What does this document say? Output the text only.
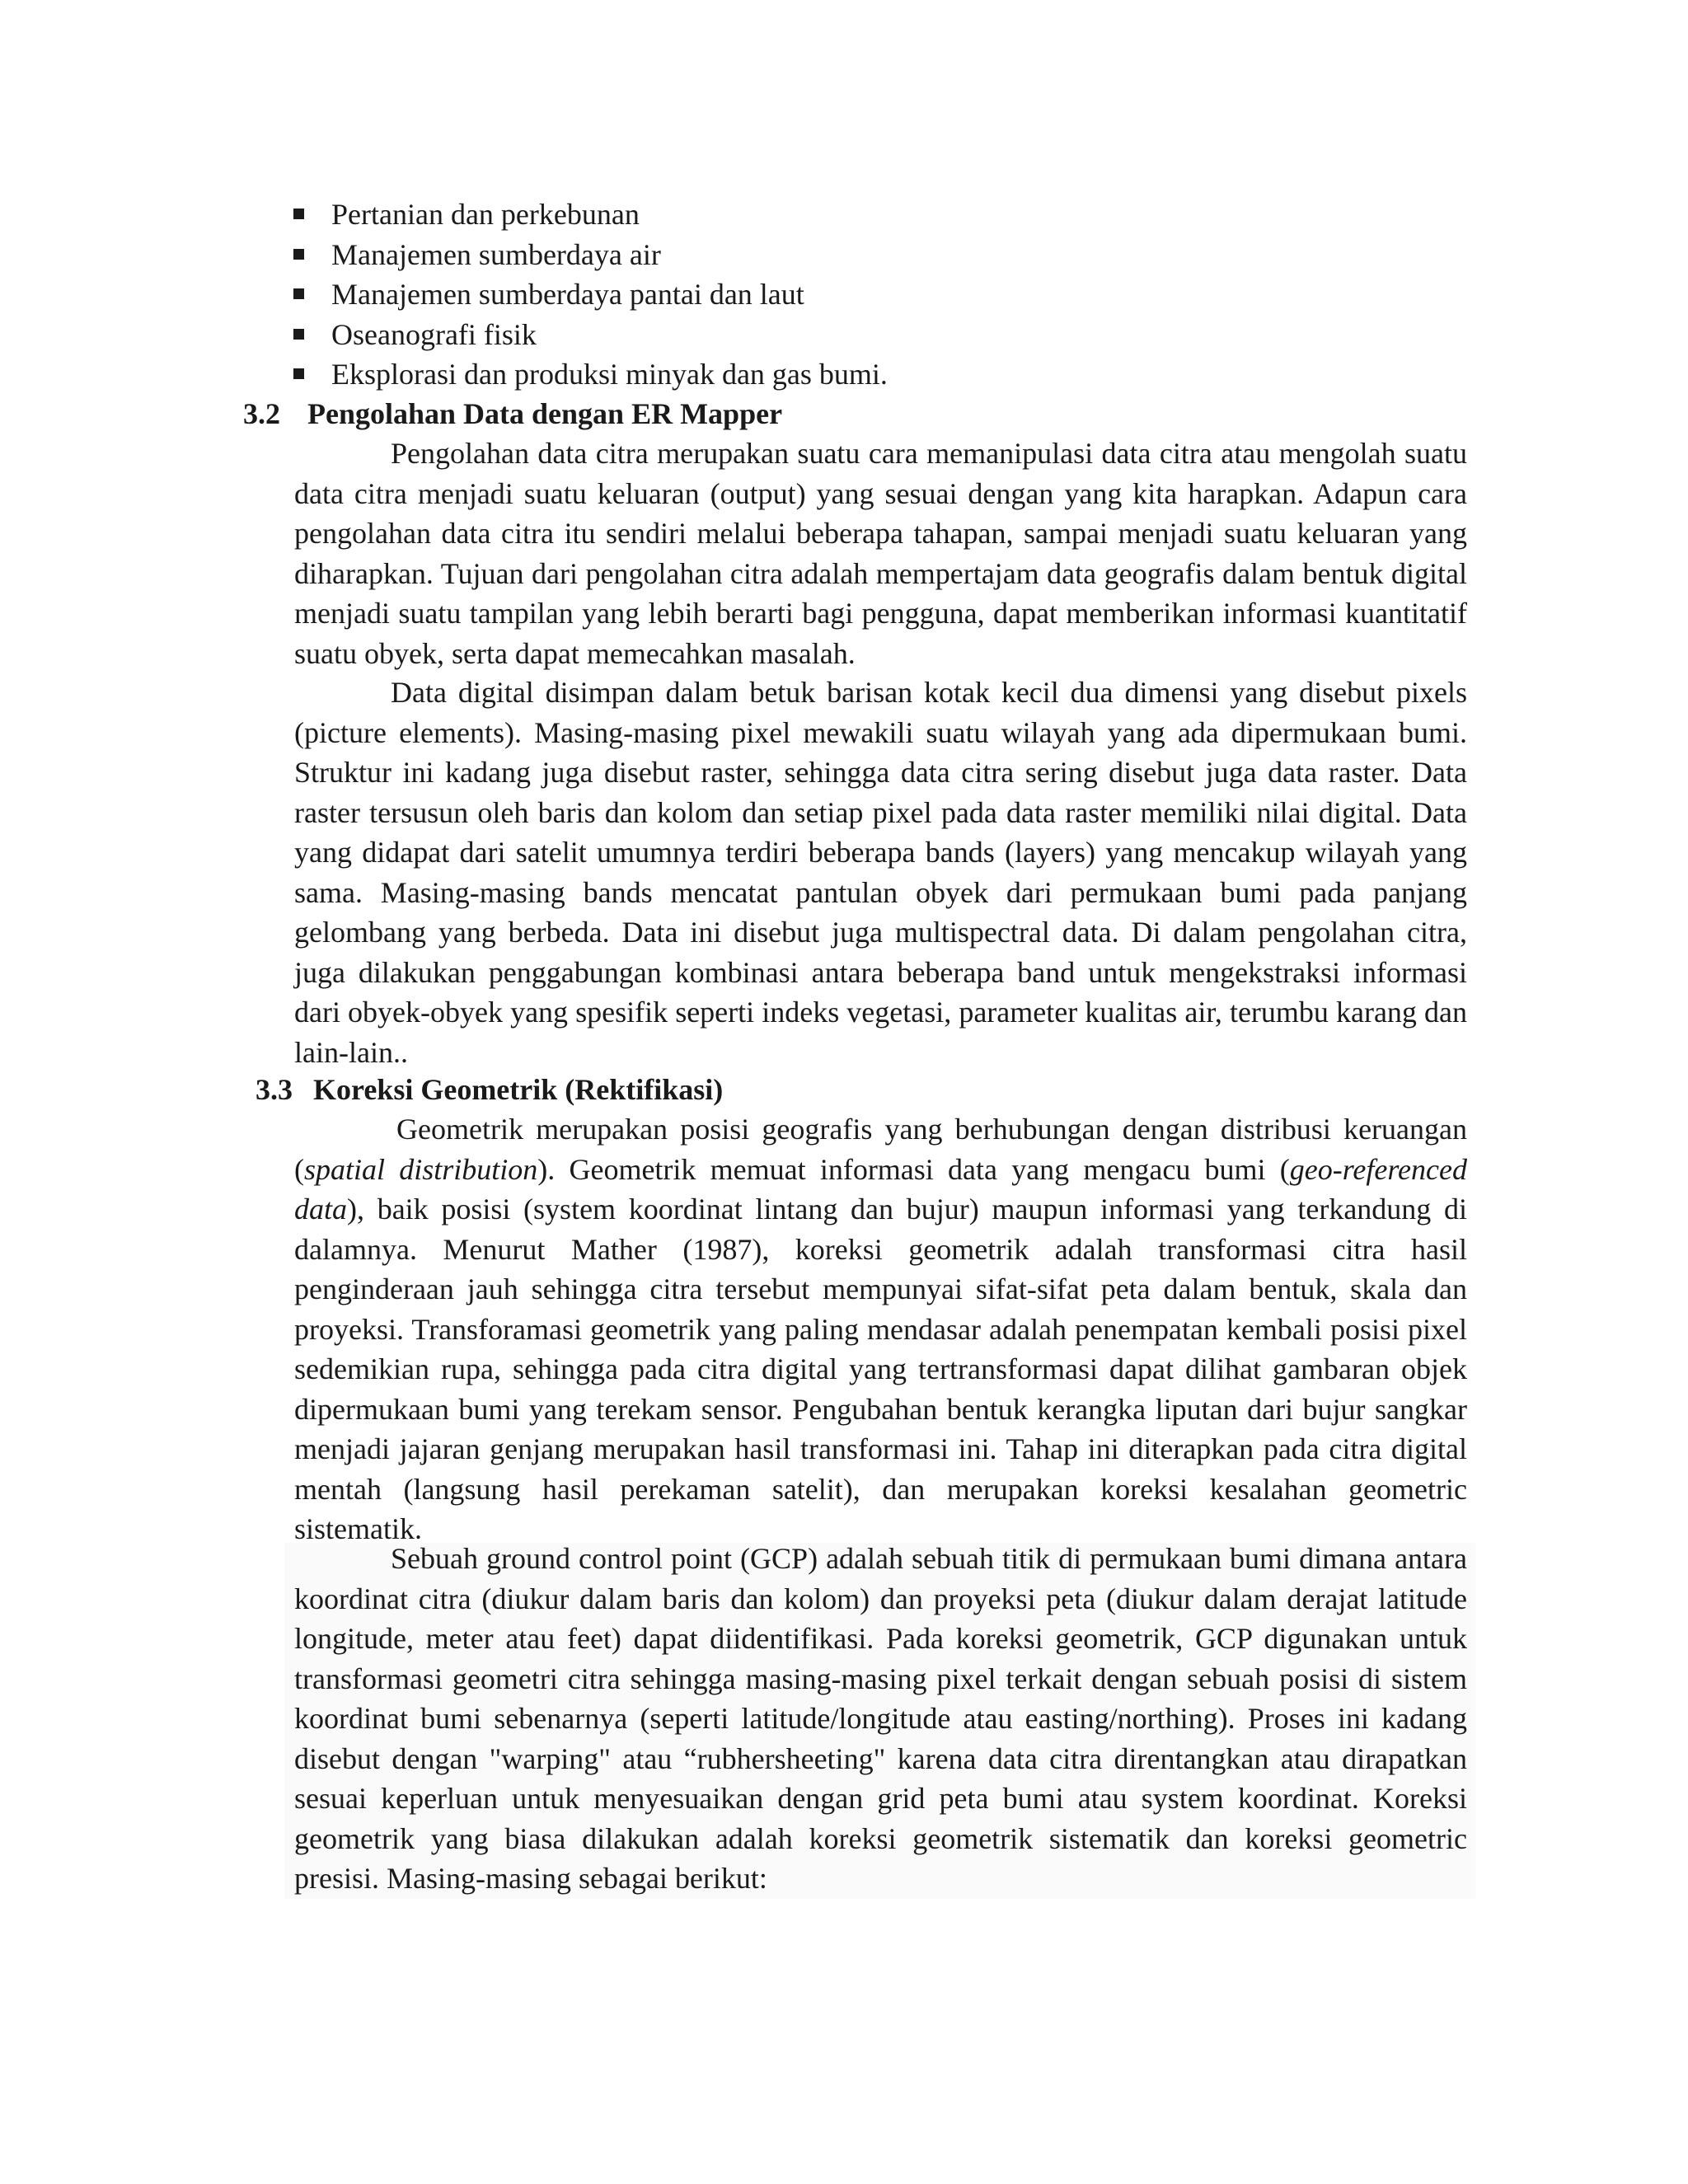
Pertanian dan perkebunan
Manajemen sumberdaya air
Manajemen sumberdaya pantai dan laut
Oseanografi fisik
Eksplorasi dan produksi minyak dan gas bumi.
3.2 Pengolahan Data dengan ER Mapper

Pengolahan data citra merupakan suatu cara memanipulasi data citra atau mengolah suatu data citra menjadi suatu keluaran (output) yang sesuai dengan yang kita harapkan. Adapun cara pengolahan data citra itu sendiri melalui beberapa tahapan, sampai menjadi suatu keluaran yang diharapkan. Tujuan dari pengolahan citra adalah mempertajam data geografis dalam bentuk digital menjadi suatu tampilan yang lebih berarti bagi pengguna, dapat memberikan informasi kuantitatif suatu obyek, serta dapat memecahkan masalah.

Data digital disimpan dalam betuk barisan kotak kecil dua dimensi yang disebut pixels (picture elements). Masing-masing pixel mewakili suatu wilayah yang ada dipermukaan bumi. Struktur ini kadang juga disebut raster, sehingga data citra sering disebut juga data raster. Data raster tersusun oleh baris dan kolom dan setiap pixel pada data raster memiliki nilai digital. Data yang didapat dari satelit umumnya terdiri beberapa bands (layers) yang mencakup wilayah yang sama. Masing-masing bands mencatat pantulan obyek dari permukaan bumi pada panjang gelombang yang berbeda. Data ini disebut juga multispectral data. Di dalam pengolahan citra, juga dilakukan penggabungan kombinasi antara beberapa band untuk mengekstraksi informasi dari obyek-obyek yang spesifik seperti indeks vegetasi, parameter kualitas air, terumbu karang dan lain-lain..

3.3 Koreksi Geometrik (Rektifikasi)

Geometrik merupakan posisi geografis yang berhubungan dengan distribusi keruangan (spatial distribution). Geometrik memuat informasi data yang mengacu bumi (geo-referenced data), baik posisi (system koordinat lintang dan bujur) maupun informasi yang terkandung di dalamnya. Menurut Mather (1987), koreksi geometrik adalah transformasi citra hasil penginderaan jauh sehingga citra tersebut mempunyai sifat-sifat peta dalam bentuk, skala dan proyeksi. Transforamasi geometrik yang paling mendasar adalah penempatan kembali posisi pixel sedemikian rupa, sehingga pada citra digital yang tertransformasi dapat dilihat gambaran objek dipermukaan bumi yang terekam sensor. Pengubahan bentuk kerangka liputan dari bujur sangkar menjadi jajaran genjang merupakan hasil transformasi ini. Tahap ini diterapkan pada citra digital mentah (langsung hasil perekaman satelit), dan merupakan koreksi kesalahan geometric sistematik.

Sebuah ground control point (GCP) adalah sebuah titik di permukaan bumi dimana antara koordinat citra (diukur dalam baris dan kolom) dan proyeksi peta (diukur dalam derajat latitude longitude, meter atau feet) dapat diidentifikasi. Pada koreksi geometrik, GCP digunakan untuk transformasi geometri citra sehingga masing-masing pixel terkait dengan sebuah posisi di sistem koordinat bumi sebenarnya (seperti latitude/longitude atau easting/northing). Proses ini kadang disebut dengan "warping" atau “rubhersheeting" karena data citra direntangkan atau dirapatkan sesuai keperluan untuk menyesuaikan dengan grid peta bumi atau system koordinat. Koreksi geometrik yang biasa dilakukan adalah koreksi geometrik sistematik dan koreksi geometric presisi. Masing-masing sebagai berikut:
